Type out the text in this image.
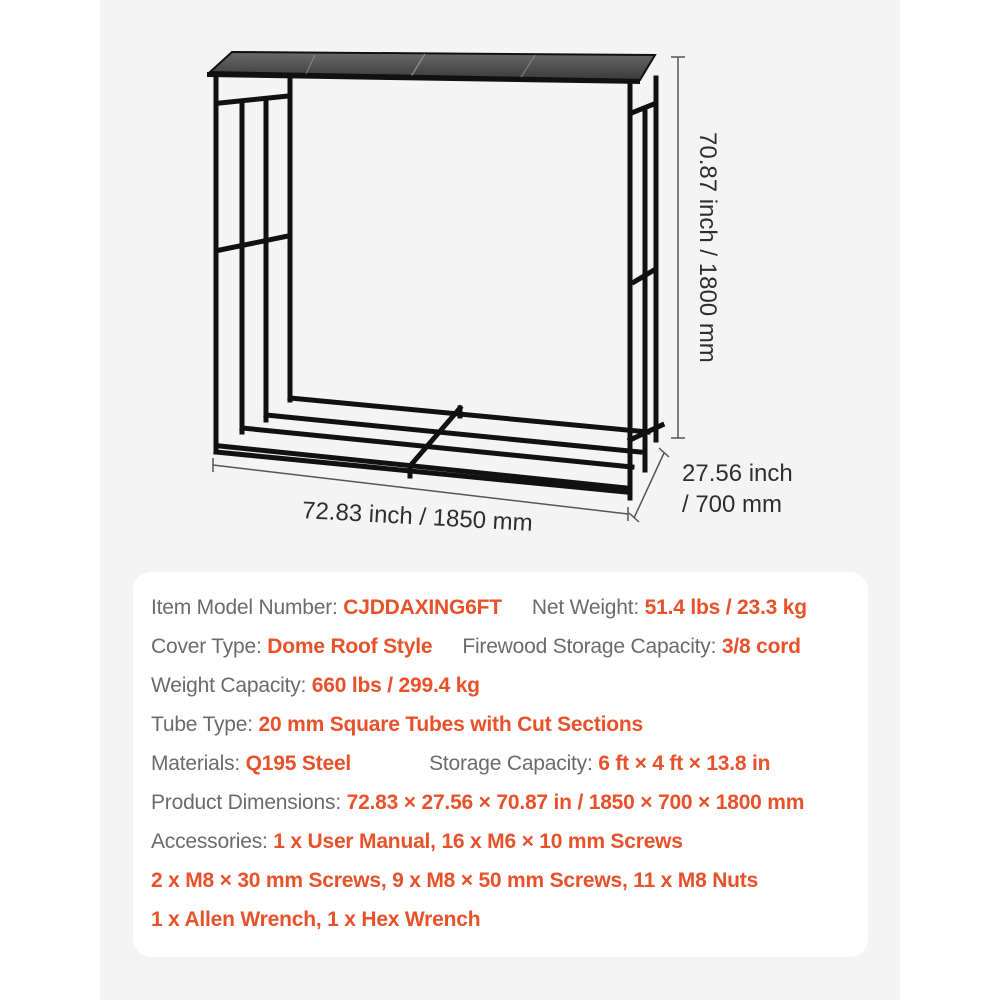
72.83 inch / 1850 mm
27.56 inch
/ 700 mm
70.87 inch / 1800 mm
Item Model Number: CJDDAXING6FT Net Weight: 51.4 lbs / 23.3 kg
Cover Type: Dome Roof Style Firewood Storage Capacity: 3/8 cord
Weight Capacity: 660 lbs / 299.4 kg
Tube Type: 20 mm Square Tubes with Cut Sections
Materials: Q195 Steel	Storage Capacity: 6 ft × 4 ft × 13.8 in
Product Dimensions: 72.83 × 27.56 × 70.87 in / 1850 × 700 × 1800 mm
Accessories: 1 x User Manual, 16 x M6 × 10 mm Screws
2 x M8 × 30 mm Screws, 9 x M8 × 50 mm Screws, 11 x M8 Nuts
1 x Allen Wrench, 1 x Hex Wrench
